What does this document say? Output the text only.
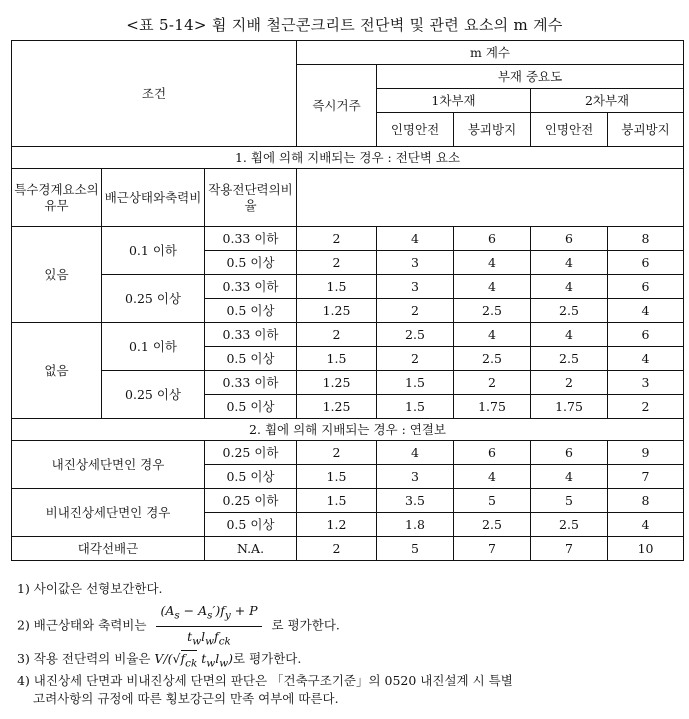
<표 5-14> 휨 지배 철근콘크리트 전단벽 및 관련 요소의 m 계수
조건			m 계수				
			즉시거주	부재 중요도			
				1차부재		2차부재	
				인명안전	붕괴방지	인명안전	붕괴방지
1. 휨에 의해 지배되는 경우 : 전단벽 요소							
특수경계요소의유무	배근상태와축력비	작용전단력의비율					
있음	0.1 이하	0.33 이하	2	4	6	6	8
		0.5 이상	2	3	4	4	6
	0.25 이상	0.33 이하	1.5	3	4	4	6
		0.5 이상	1.25	2	2.5	2.5	4
없음	0.1 이하	0.33 이하	2	2.5	4	4	6
		0.5 이상	1.5	2	2.5	2.5	4
	0.25 이상	0.33 이하	1.25	1.5	2	2	3
		0.5 이상	1.25	1.5	1.75	1.75	2
2. 휨에 의해 지배되는 경우 : 연결보							
내진상세단면인 경우		0.25 이하	2	4	6	6	9
		0.5 이상	1.5	3	4	4	7
비내진상세단면인 경우		0.25 이하	1.5	3.5	5	5	8
		0.5 이상	1.2	1.8	2.5	2.5	4
대각선배근		N.A.	2	5	7	7	10
1) 사이값은 선형보간한다.
2) 배근상태와 축력비는 $\frac{(A_s - A_s')f_y + P}{t_wl_wf_{ck}}$ 로 평가한다.
3) 작용 전단력의 비율은 $V/(√f_{ck}$ $t_wl_w$)로 평가한다.
4) 내진상세 단면과 비내진상세 단면의 판단은 「건축구조기준」의 0520 내진설계 시 특별
고려사항의 규정에 따른 횡보강근의 만족 여부에 따른다.
